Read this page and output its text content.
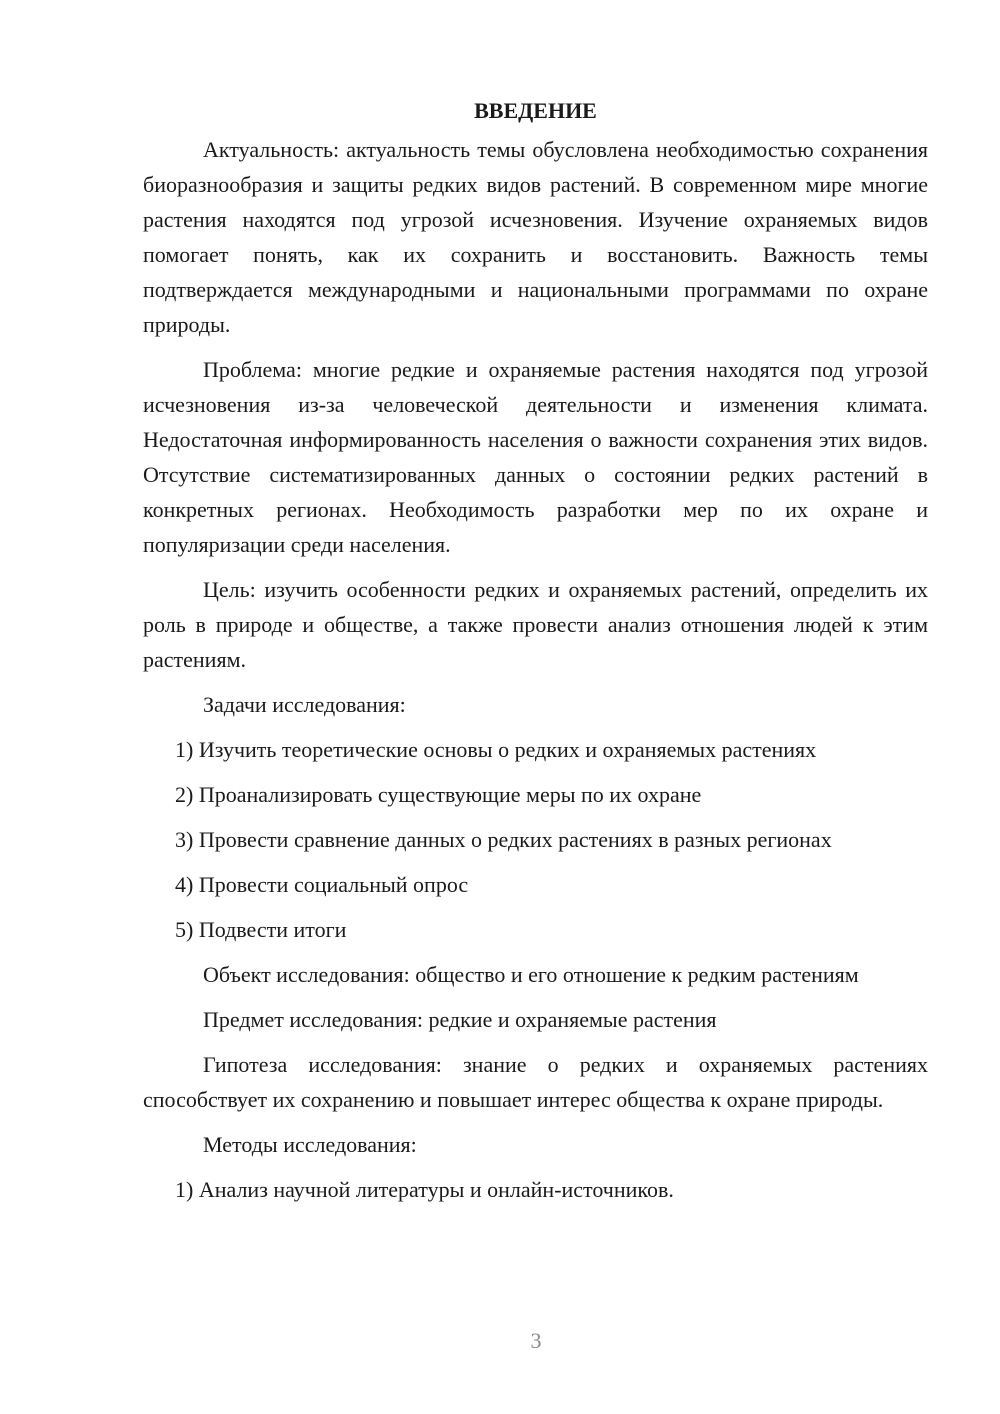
ВВЕДЕНИЕ

Актуальность: актуальность темы обусловлена необходимостью сохранения биоразнообразия и защиты редких видов растений. В современном мире многие растения находятся под угрозой исчезновения. Изучение охраняемых видов помогает понять, как их сохранить и восстановить. Важность темы подтверждается международными и национальными программами по охране природы.

Проблема: многие редкие и охраняемые растения находятся под угрозой исчезновения из-за человеческой деятельности и изменения климата. Недостаточная информированность населения о важности сохранения этих видов. Отсутствие систематизированных данных о состоянии редких растений в конкретных регионах. Необходимость разработки мер по их охране и популяризации среди населения.

Цель: изучить особенности редких и охраняемых растений, определить их роль в природе и обществе, а также провести анализ отношения людей к этим растениям.

Задачи исследования:

1) Изучить теоретические основы о редких и охраняемых растениях
2) Проанализировать существующие меры по их охране
3) Провести сравнение данных о редких растениях в разных регионах
4) Провести социальный опрос
5) Подвести итоги

Объект исследования: общество и его отношение к редким растениям

Предмет исследования: редкие и охраняемые растения

Гипотеза исследования: знание о редких и охраняемых растениях способствует их сохранению и повышает интерес общества к охране природы.

Методы исследования:

1) Анализ научной литературы и онлайн-источников.
3
